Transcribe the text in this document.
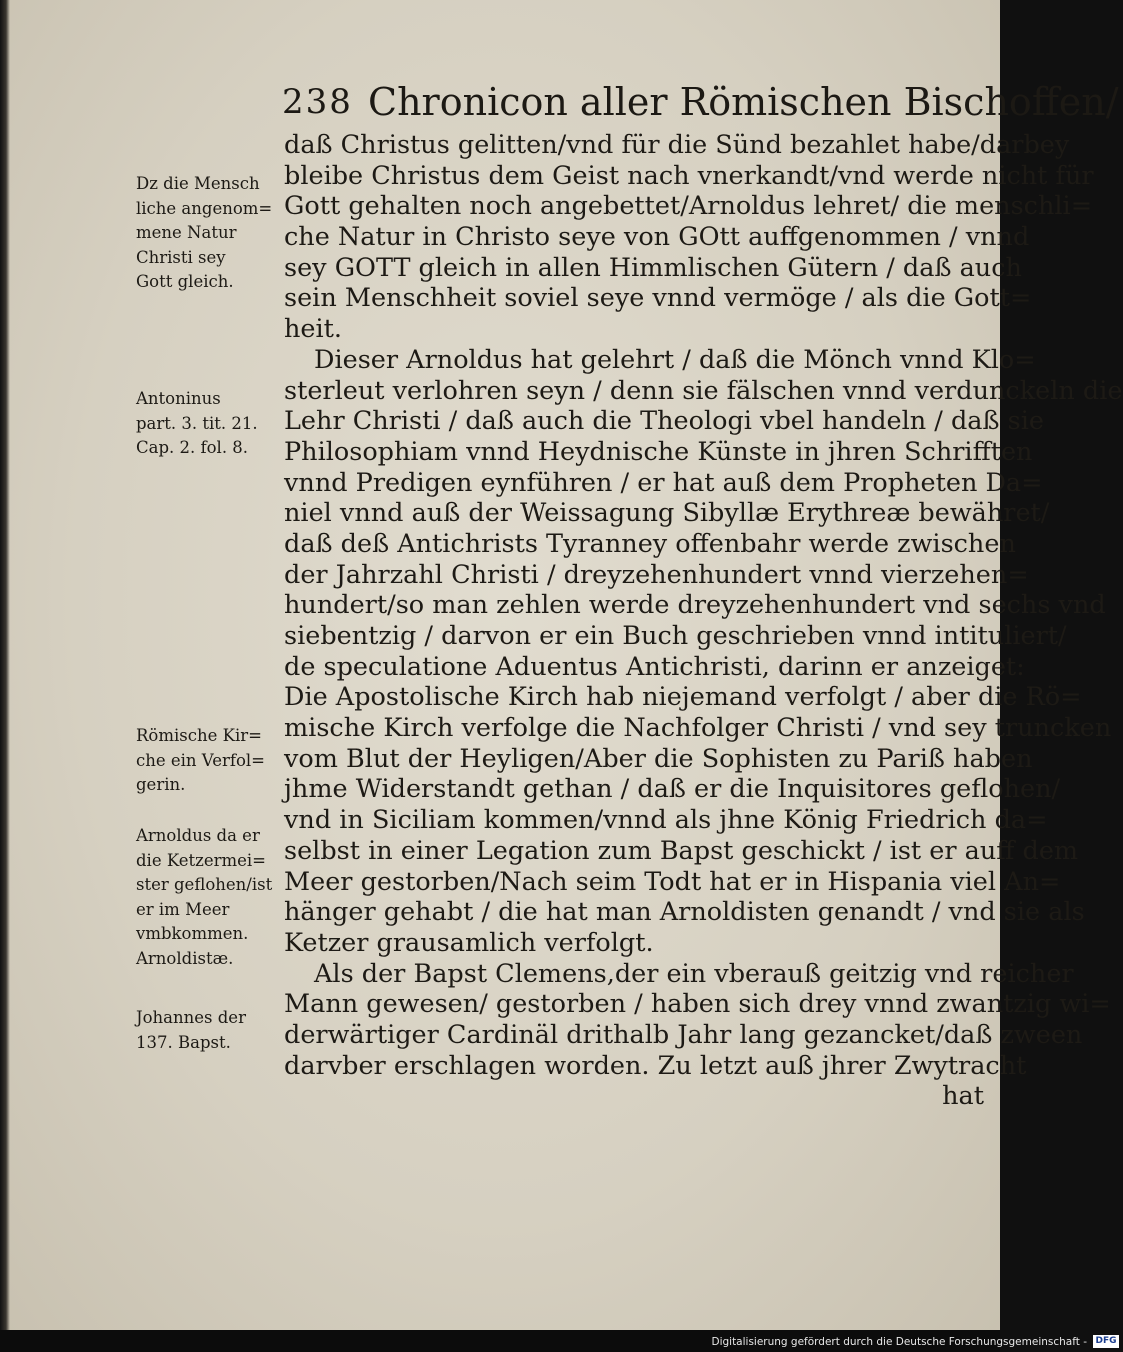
238 Chronicon aller Römischen Bischoffen/
Dz die Mensch
liche angenom=
mene Natur
Christi sey
Gott gleich.
Antoninus
part. 3. tit. 21.
Cap. 2. fol. 8.
Römische Kir=
che ein Verfol=
gerin.
Arnoldus da er
die Ketzermei=
ster geflohen/ist
er im Meer
vmbkommen.
Arnoldistæ.
Johannes der
137. Bapst.
daß Christus gelitten/vnd für die Sünd bezahlet habe/darbey
bleibe Christus dem Geist nach vnerkandt/vnd werde nicht für
Gott gehalten noch angebettet/Arnoldus lehret/ die menschli=
che Natur in Christo seye von GOtt auffgenommen / vnnd
sey GOTT gleich in allen Himmlischen Gütern / daß auch
sein Menschheit soviel seye vnnd vermöge / als die Gott=
heit.
Dieser Arnoldus hat gelehrt / daß die Mönch vnnd Klo=
sterleut verlohren seyn / denn sie fälschen vnnd verdunckeln die
Lehr Christi / daß auch die Theologi vbel handeln / daß sie
Philosophiam vnnd Heydnische Künste in jhren Schrifften
vnnd Predigen eynführen / er hat auß dem Propheten Da=
niel vnnd auß der Weissagung Sibyllæ Erythreæ bewähret/
daß deß Antichrists Tyranney offenbahr werde zwischen
der Jahrzahl Christi / dreyzehenhundert vnnd vierzehen=
hundert/so man zehlen werde dreyzehenhundert vnd sechs vnd
siebentzig / darvon er ein Buch geschrieben vnnd intituliert/
de speculatione Aduentus Antichristi, darinn er anzeiget:
Die Apostolische Kirch hab niejemand verfolgt / aber die Rö=
mische Kirch verfolge die Nachfolger Christi / vnd sey truncken
vom Blut der Heyligen/Aber die Sophisten zu Pariß haben
jhme Widerstandt gethan / daß er die Inquisitores geflohen/
vnd in Siciliam kommen/vnnd als jhne König Friedrich da=
selbst in einer Legation zum Bapst geschickt / ist er auff dem
Meer gestorben/Nach seim Todt hat er in Hispania viel An=
hänger gehabt / die hat man Arnoldisten genandt / vnd sie als
Ketzer grausamlich verfolgt.
Als der Bapst Clemens,der ein vberauß geitzig vnd reicher
Mann gewesen/ gestorben / haben sich drey vnnd zwantzig wi=
derwärtiger Cardinäl drithalb Jahr lang gezancket/daß zween
darvber erschlagen worden. Zu letzt auß jhrer Zwytracht
hat
Digitalisierung gefördert durch die Deutsche Forschungsgemeinschaft - DFG
